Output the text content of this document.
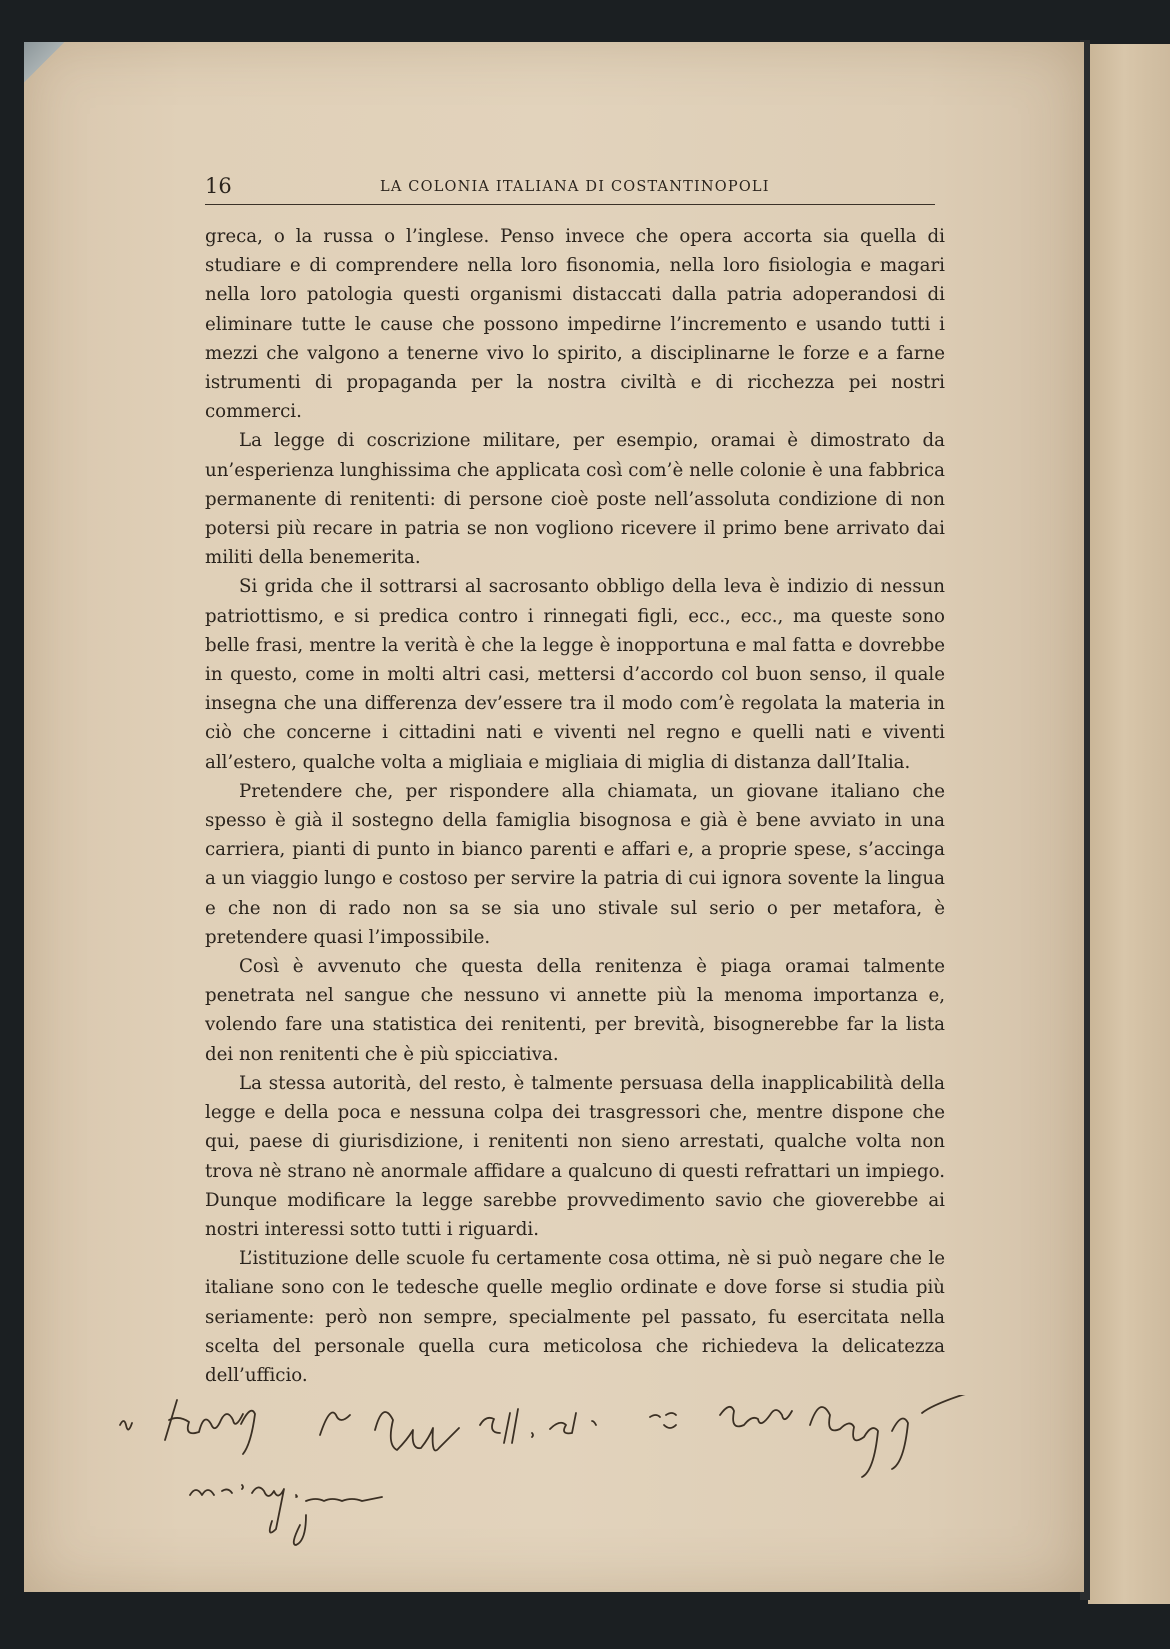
16	LA COLONIA ITALIANA DI COSTANTINOPOLI

greca, o la russa o l’inglese. Penso invece che opera accorta sia quella di studiare e di comprendere nella loro fisonomia, nella loro fisiologia e magari nella loro patologia questi organismi distaccati dalla patria adoperandosi di eliminare tutte le cause che possono impedirne l’incremento e usando tutti i mezzi che valgono a tenerne vivo lo spirito, a disciplinarne le forze e a farne istrumenti di propaganda per la nostra civiltà e di ricchezza pei nostri commerci.

La legge di coscrizione militare, per esempio, oramai è dimostrato da un’esperienza lunghissima che applicata così com’è nelle colonie è una fabbrica permanente di renitenti: di persone cioè poste nell’assoluta condizione di non potersi più recare in patria se non vogliono ricevere il primo bene arrivato dai militi della benemerita.

Si grida che il sottrarsi al sacrosanto obbligo della leva è indizio di nessun patriottismo, e si predica contro i rinnegati figli, ecc., ecc., ma queste sono belle frasi, mentre la verità è che la legge è inopportuna e mal fatta e dovrebbe in questo, come in molti altri casi, mettersi d’accordo col buon senso, il quale insegna che una differenza dev’essere tra il modo com’è regolata la materia in ciò che concerne i cittadini nati e viventi nel regno e quelli nati e viventi all’estero, qualche volta a migliaia e migliaia di miglia di distanza dall’Italia.

Pretendere che, per rispondere alla chiamata, un giovane italiano che spesso è già il sostegno della famiglia bisognosa e già è bene avviato in una carriera, pianti di punto in bianco parenti e affari e, a proprie spese, s’accinga a un viaggio lungo e costoso per servire la patria di cui ignora sovente la lingua e che non di rado non sa se sia uno stivale sul serio o per metafora, è pretendere quasi l’impossibile.

Così è avvenuto che questa della renitenza è piaga oramai talmente penetrata nel sangue che nessuno vi annette più la menoma importanza e, volendo fare una statistica dei renitenti, per brevità, bisognerebbe far la lista dei non renitenti che è più spicciativa.

La stessa autorità, del resto, è talmente persuasa della inapplicabilità della legge e della poca e nessuna colpa dei trasgressori che, mentre dispone che qui, paese di giurisdizione, i renitenti non sieno arrestati, qualche volta non trova nè strano nè anormale affidare a qualcuno di questi refrattari un impiego. Dunque modificare la legge sarebbe provvedimento savio che gioverebbe ai nostri interessi sotto tutti i riguardi.

L’istituzione delle scuole fu certamente cosa ottima, nè si può negare che le italiane sono con le tedesche quelle meglio ordinate e dove forse si studia più seriamente: però non sempre, specialmente pel passato, fu esercitata nella scelta del personale quella cura meticolosa che richiedeva la delicatezza dell’ufficio.
